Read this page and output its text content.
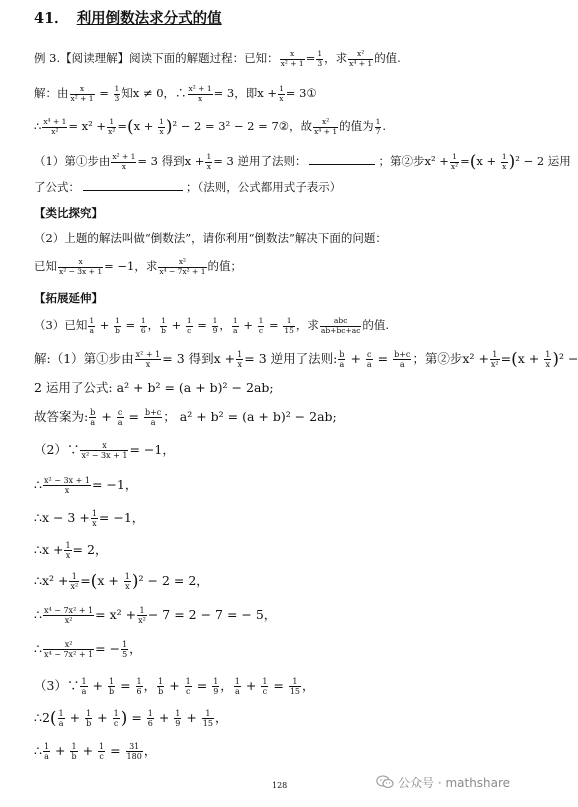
41． 利用倒数法求分式的值
例 3.【阅读理解】阅读下面的解题过程：已知： $\frac{x}{\text{x² + 1}} = \frac{1}{3}$ ，求 $\frac{\text{x²}}{\text{x⁴ + 1}}$ 的值.
解：由 $\frac{x}{\text{x² + 1}} = \frac{1}{3}$ 知x ≠ 0，∴ $\frac{\text{x² + 1}}{x} = 3$，即$x + \frac{1}{x}$ = 3①
∴ $\frac{\text{x⁴ + 1}}{\text{x²}} = x^2 + \frac{1}{\text{x²}} =(x + \frac{1}{x} )^2 - 2 = 3^2 - 2$ = 7②，故 $\frac{\text{x²}}{\text{x⁴ + 1}}$ 的值为 $\frac{1}{7}$ .
（1）第①步由 $\frac{\text{x² + 1}}{x} = 3$ 得到$x + \frac{1}{x} = 3$ 逆用了法则：	；第②步$x^2 + \frac{1}{\text{x²}} =(x + \frac{1}{x} )^2 - 2$ 运用
了公式：	；（法则，公式都用式子表示）
【类比探究】
（2）上题的解法叫做“倒数法”，请你利用“倒数法”解决下面的问题：
已知 $\frac{x}{\text{x² − 3x + 1}} = -1$，求 $\frac{\text{x²}}{\text{x⁴ − 7x² + 1}}$ 的值；
【拓展延伸】
（3）已知 $\frac{1}{a} + \frac{1}{b} = \frac{1}{6}$ ， $\frac{1}{b} + \frac{1}{c} = \frac{1}{9}$ ， $\frac{1}{a} + \frac{1}{c} = \frac{1}{15}$ ，求 $\frac{\text{abc}}{ab+bc+ac}$ 的值.
解:（1）第①步由 $\frac{\text{x² + 1}}{x} = 3$ 得到$x + \frac{1}{x} = 3$ 逆用了法则: $\frac{b}{a} + \frac{c}{a} = \frac{b+c}{a}$ ；第②步$x^2 + \frac{1}{\text{x²}} =(x + \frac{1}{x} )^2$ −
2 运用了公式: a² + b² = (a + b)² − 2ab;
故答案为: $\frac{b}{a} + \frac{c}{a} = \frac{b+c}{a}$ ； a² + b² = (a + b)² − 2ab;
（2）∵ $\frac{x}{\text{x² − 3x + 1}} = -1$，
∴ $\frac{\text{x² − 3x + 1}}{x} = -1$，
∴x − $3 + \frac{1}{x} = -1$，
∴x + $\frac{1}{x} = 2$，
∴x² + $\frac{1}{\text{x²}} =(x + \frac{1}{x} )^2 - 2 = 2$，
∴ $\frac{\text{x⁴ − 7x² + 1}}{\text{x²}} = x^2 + \frac{1}{\text{x²}} - 7 = 2 - 7$ = − 5，
∴ $\frac{\text{x²}}{\text{x⁴ − 7x² + 1}}$ = − $\frac{1}{5}$ ，
（3）∵ $\frac{1}{a} + \frac{1}{b} = \frac{1}{6}$ ， $\frac{1}{b} + \frac{1}{c} = \frac{1}{9}$ ， $\frac{1}{a} + \frac{1}{c} = \frac{1}{15}$ ，
∴2( $\frac{1}{a} + \frac{1}{b} + \frac{1}{c}$ ) = $\frac{1}{6} + \frac{1}{9} + \frac{1}{15}$ ，
∴ $\frac{1}{a} + \frac{1}{b} + \frac{1}{c} = \frac{31}{180}$ ，
128	公众号 · mathshare
